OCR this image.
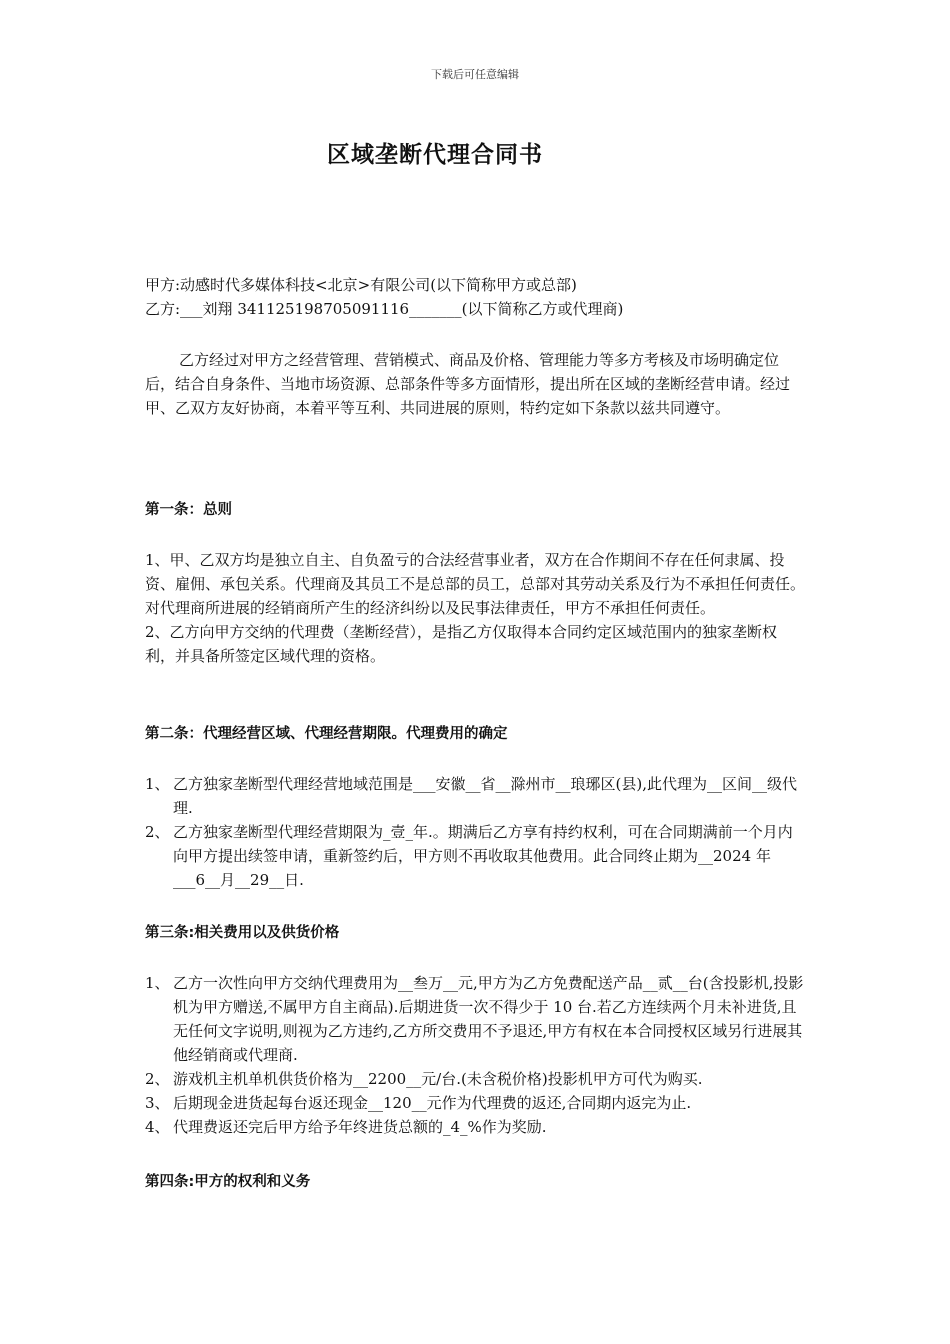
下载后可任意编辑
区域垄断代理合同书

甲方:动感时代多媒体科技<北京>有限公司(以下简称甲方或总部)

乙方:___刘翔 341125198705091116_______(以下简称乙方或代理商)

乙方经过对甲方之经营管理、营销模式、商品及价格、管理能力等多方考核及市场明确定位后，结合自身条件、当地市场资源、总部条件等多方面情形，提出所在区域的垄断经营申请。经过甲、乙双方友好协商，本着平等互利、共同进展的原则，特约定如下条款以兹共同遵守。

第一条：总则

1、甲、乙双方均是独立自主、自负盈亏的合法经营事业者，双方在合作期间不存在任何隶属、投资、雇佣、承包关系。代理商及其员工不是总部的员工，总部对其劳动关系及行为不承担任何责任。对代理商所进展的经销商所产生的经济纠纷以及民事法律责任，甲方不承担任何责任。

2、乙方向甲方交纳的代理费（垄断经营），是指乙方仅取得本合同约定区域范围内的独家垄断权利，并具备所签定区域代理的资格。

第二条：代理经营区域、代理经营期限。代理费用的确定

1、 乙方独家垄断型代理经营地域范围是___安徽__省__滁州市__琅琊区(县),此代理为__区间__级代理.
2、 乙方独家垄断型代理经营期限为_壹_年.。期满后乙方享有持约权利，可在合同期满前一个月内向甲方提出续签申请，重新签约后，甲方则不再收取其他费用。此合同终止期为__2024 年___6__月__29__日.

第三条:相关费用以及供货价格

1、 乙方一次性向甲方交纳代理费用为__叁万__元,甲方为乙方免费配送产品__贰__台(含投影机,投影机为甲方赠送,不属甲方自主商品).后期进货一次不得少于 10 台.若乙方连续两个月未补进货,且无任何文字说明,则视为乙方违约,乙方所交费用不予退还,甲方有权在本合同授权区域另行进展其他经销商或代理商.
2、 游戏机主机单机供货价格为__2200__元/台.(未含税价格)投影机甲方可代为购买.
3、 后期现金进货起每台返还现金__120__元作为代理费的返还,合同期内返完为止.
4、 代理费返还完后甲方给予年终进货总额的_4_%作为奖励.

第四条:甲方的权利和义务
